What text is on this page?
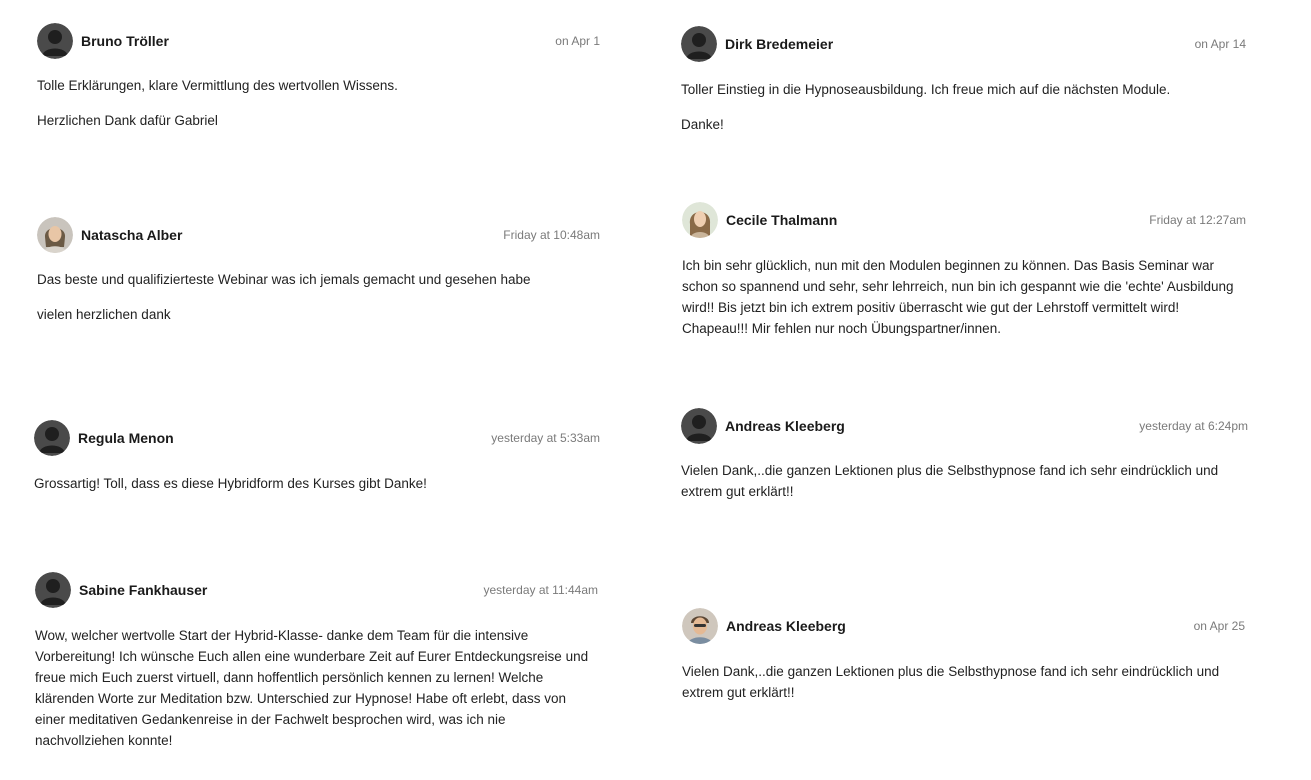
Bruno Tröller	on Apr 1

Tolle Erklärungen, klare Vermittlung des wertvollen Wissens.

Herzlichen Dank dafür Gabriel

Natascha Alber	Friday at 10:48am

Das beste und qualifizierteste Webinar was ich jemals gemacht und gesehen habe

vielen herzlichen dank

Regula Menon	yesterday at 5:33am

Grossartig! Toll, dass es diese Hybridform des Kurses gibt Danke!

Sabine Fankhauser	yesterday at 11:44am

Wow, welcher wertvolle Start der Hybrid-Klasse- danke dem Team für die intensive Vorbereitung! Ich wünsche Euch allen eine wunderbare Zeit auf Eurer Entdeckungsreise und freue mich Euch zuerst virtuell, dann hoffentlich persönlich kennen zu lernen! Welche klärenden Worte zur Meditation bzw. Unterschied zur Hypnose! Habe oft erlebt, dass von einer meditativen Gedankenreise in der Fachwelt besprochen wird, was ich nie nachvollziehen konnte!

Dirk Bredemeier	on Apr 14

Toller Einstieg in die Hypnoseausbildung. Ich freue mich auf die nächsten Module.

Danke!

Cecile Thalmann	Friday at 12:27am

Ich bin sehr glücklich, nun mit den Modulen beginnen zu können. Das Basis Seminar war schon so spannend und sehr, sehr lehrreich, nun bin ich gespannt wie die 'echte' Ausbildung wird!! Bis jetzt bin ich extrem positiv überrascht wie gut der Lehrstoff vermittelt wird! Chapeau!!! Mir fehlen nur noch Übungspartner/innen.

Andreas Kleeberg	yesterday at 6:24pm

Vielen Dank,..die ganzen Lektionen plus die Selbsthypnose fand ich sehr eindrücklich und extrem gut erklärt!!

Andreas Kleeberg	on Apr 25

Vielen Dank,..die ganzen Lektionen plus die Selbsthypnose fand ich sehr eindrücklich und extrem gut erklärt!!
